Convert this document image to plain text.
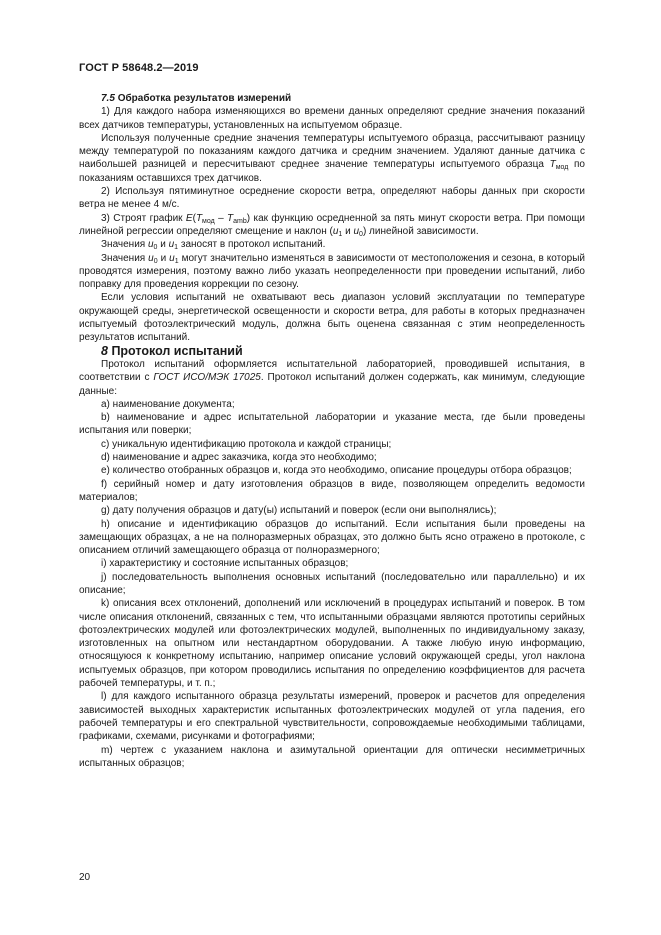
ГОСТ Р 58648.2—2019

7.5 Обработка результатов измерений

1) Для каждого набора изменяющихся во времени данных определяют средние значения показаний всех датчиков температуры, установленных на испытуемом образце.

Используя полученные средние значения температуры испытуемого образца, рассчитывают разницу между температурой по показаниям каждого датчика и средним значением. Удаляют данные датчика с наибольшей разницей и пересчитывают среднее значение температуры испытуемого образца $T_{мод}$ по показаниям оставшихся трех датчиков.

2) Используя пятиминутное осреднение скорости ветра, определяют наборы данных при скорости ветра не менее 4 м/с.

3) Строят график $E(T_{мод} - T_{amb})$ как функцию осредненной за пять минут скорости ветра. При помощи линейной регрессии определяют смещение и наклон ($u_1$ и $u_0$) линейной зависимости.

Значения $u_0$ и $u_1$ заносят в протокол испытаний.

Значения $u_0$ и $u_1$ могут значительно изменяться в зависимости от местоположения и сезона, в который проводятся измерения, поэтому важно либо указать неопределенности при проведении испытаний, либо поправку для проведения коррекции по сезону.

Если условия испытаний не охватывают весь диапазон условий эксплуатации по температуре окружающей среды, энергетической освещенности и скорости ветра, для работы в которых предназначен испытуемый фотоэлектрический модуль, должна быть оценена связанная с этим неопределенность результатов испытаний.

8 Протокол испытаний

Протокол испытаний оформляется испытательной лабораторией, проводившей испытания, в соответствии с ГОСТ ИСО/МЭК 17025. Протокол испытаний должен содержать, как минимум, следующие данные:

a) наименование документа;

b) наименование и адрес испытательной лаборатории и указание места, где были проведены испытания или поверки;

c) уникальную идентификацию протокола и каждой страницы;

d) наименование и адрес заказчика, когда это необходимо;

e) количество отобранных образцов и, когда это необходимо, описание процедуры отбора образцов;

f) серийный номер и дату изготовления образцов в виде, позволяющем определить ведомости материалов;

g) дату получения образцов и дату(ы) испытаний и поверок (если они выполнялись);

h) описание и идентификацию образцов до испытаний. Если испытания были проведены на замещающих образцах, а не на полноразмерных образцах, это должно быть ясно отражено в протоколе, с описанием отличий замещающего образца от полноразмерного;

i) характеристику и состояние испытанных образцов;

j) последовательность выполнения основных испытаний (последовательно или параллельно) и их описание;

k) описания всех отклонений, дополнений или исключений в процедурах испытаний и поверок. В том числе описания отклонений, связанных с тем, что испытанными образцами являются прототипы серийных фотоэлектрических модулей или фотоэлектрических модулей, выполненных по индивидуальному заказу, изготовленных на опытном или нестандартном оборудовании. А также любую иную информацию, относящуюся к конкретному испытанию, например описание условий окружающей среды, угол наклона испытуемых образцов, при котором проводились испытания по определению коэффициентов для расчета рабочей температуры, и т. п.;

l) для каждого испытанного образца результаты измерений, проверок и расчетов для определения зависимостей выходных характеристик испытанных фотоэлектрических модулей от угла падения, его рабочей температуры и его спектральной чувствительности, сопровождаемые необходимыми таблицами, графиками, схемами, рисунками и фотографиями;

m) чертеж с указанием наклона и азимутальной ориентации для оптически несимметричных испытанных образцов;

20
